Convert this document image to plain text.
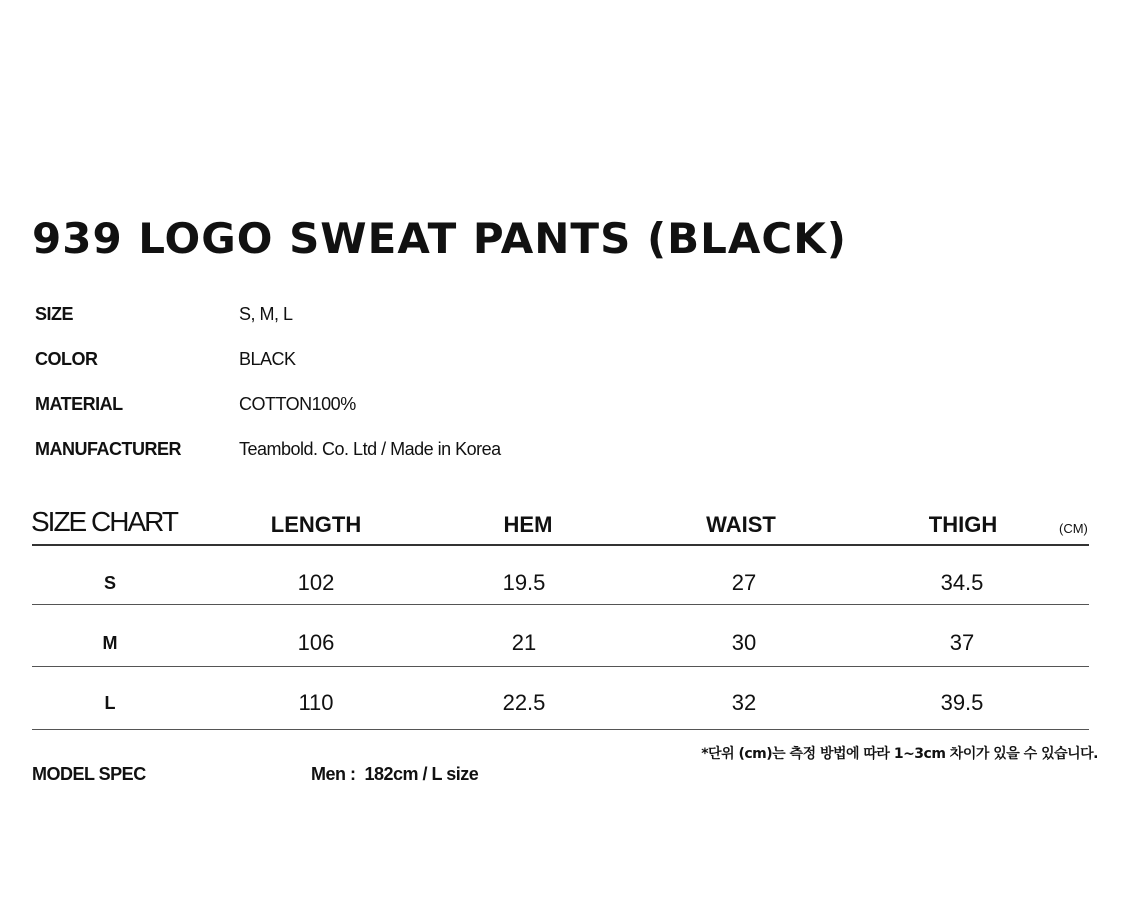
939 LOGO SWEAT PANTS (BLACK)
SIZE	S, M, L
COLOR	BLACK
MATERIAL	COTTON100%
MANUFACTURER	Teambold. Co. Ltd / Made in Korea
SIZE CHART	LENGTH	HEM	WAIST	THIGH	(CM)
S	102	19.5	27	34.5
M	106	21	30	37
L	110	22.5	32	39.5
*단위 (cm)는 측정 방법에 따라 1~3cm 차이가 있을 수 있습니다.
MODEL SPEC	Men :  182cm / L size
